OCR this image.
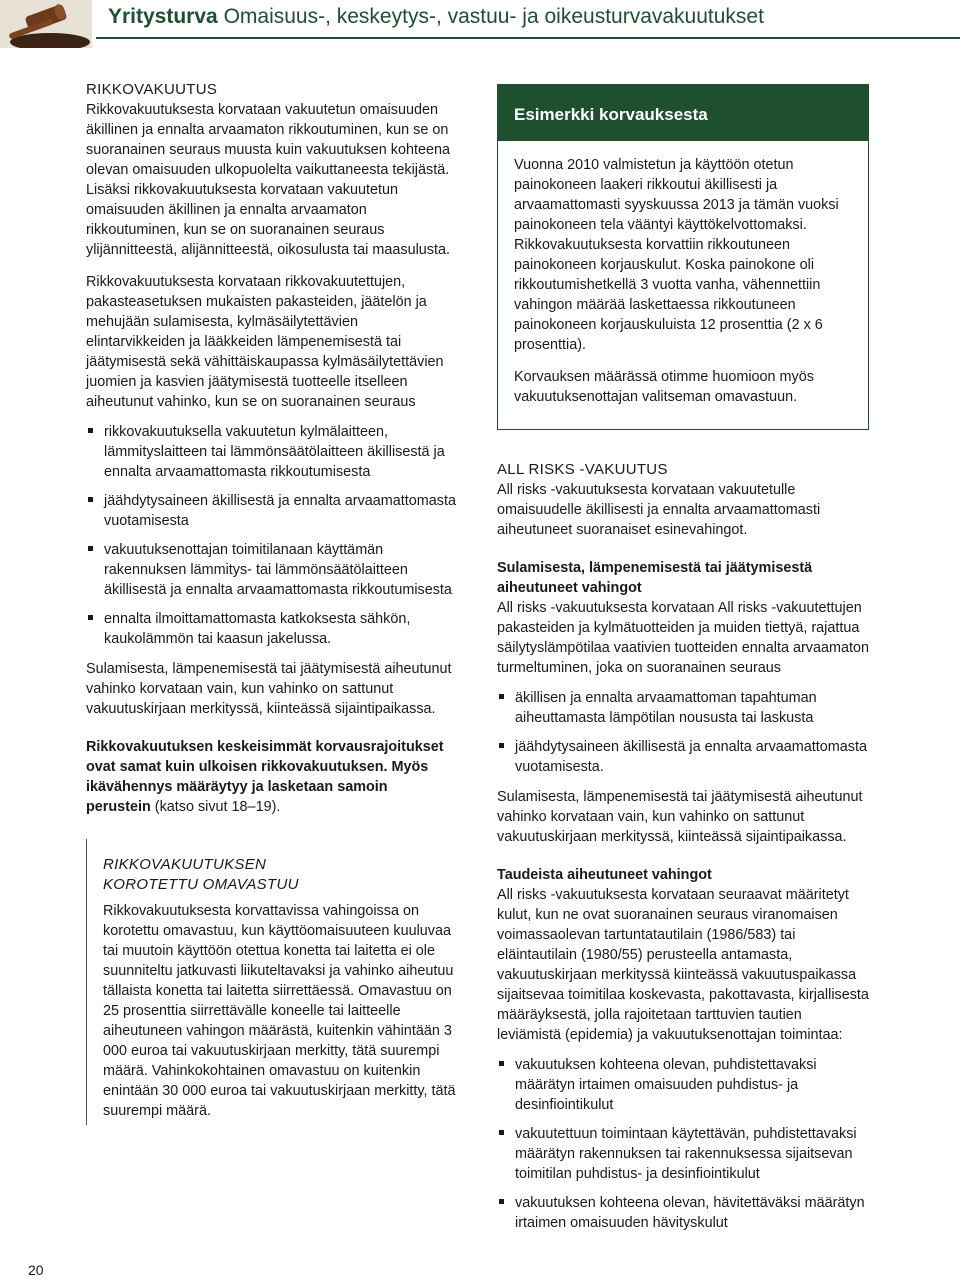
Yritysturva Omaisuus-, keskeytys-, vastuu- ja oikeusturvavakuutukset

RIKKOVAKUUTUS

Rikkovakuutuksesta korvataan vakuutetun omaisuuden äkillinen ja ennalta arvaamaton rikkoutuminen, kun se on suoranainen seuraus muusta kuin vakuutuksen kohteena olevan omaisuuden ulkopuolelta vaikuttaneesta tekijästä. Lisäksi rikkovakuutuksesta korvataan vakuutetun omaisuuden äkillinen ja ennalta arvaamaton rikkoutuminen, kun se on suoranainen seuraus ylijännitteestä, alijännitteestä, oikosulusta tai maasulusta.

Rikkovakuutuksesta korvataan rikkovakuutettujen, pakasteasetuksen mukaisten pakasteiden, jäätelön ja mehujään sulamisesta, kylmäsäilytettävien elintarvikkeiden ja lääkkeiden lämpenemisestä tai jäätymisestä sekä vähittäiskaupassa kylmäsäilytettävien juomien ja kasvien jäätymisestä tuotteelle itselleen aiheutunut vahinko, kun se on suoranainen seuraus

rikkovakuutuksella vakuutetun kylmälaitteen, lämmityslaitteen tai lämmönsäätölaitteen äkillisestä ja ennalta arvaamattomasta rikkoutumisesta
jäähdytysaineen äkillisestä ja ennalta arvaamattomasta vuotamisesta
vakuutuksenottajan toimitilanaan käyttämän rakennuksen lämmitys- tai lämmönsäätölaitteen äkillisestä ja ennalta arvaamattomasta rikkoutumisesta
ennalta ilmoittamattomasta katkoksesta sähkön, kaukolämmön tai kaasun jakelussa.

Sulamisesta, lämpenemisestä tai jäätymisestä aiheutunut vahinko korvataan vain, kun vahinko on sattunut vakuutuskirjaan merkityssä, kiinteässä sijaintipaikassa.

Rikkovakuutuksen keskeisimmät korvausrajoitukset ovat samat kuin ulkoisen rikkovakuutuksen. Myös ikävähennys määräytyy ja lasketaan samoin perustein (katso sivut 18–19).

RIKKOVAKUUTUKSEN

KOROTETTU OMAVASTUU

Rikkovakuutuksesta korvattavissa vahingoissa on korotettu omavastuu, kun käyttöomaisuuteen kuuluvaa tai muutoin käyttöön otettua konetta tai laitetta ei ole suunniteltu jatkuvasti liikuteltavaksi ja vahinko aiheutuu tällaista konetta tai laitetta siirrettäessä. Omavastuu on 25 prosenttia siirrettävälle koneelle tai laitteelle aiheutuneen vahingon määrästä, kuitenkin vähintään 3 000 euroa tai vakuutuskirjaan merkitty, tätä suurempi määrä. Vahinkokohtainen omavastuu on kuitenkin enintään 30 000 euroa tai vakuutuskirjaan merkitty, tätä suurempi määrä.

Esimerkki korvauksesta

Vuonna 2010 valmistetun ja käyttöön otetun painokoneen laakeri rikkoutui äkillisesti ja arvaamattomasti syyskuussa 2013 ja tämän vuoksi painokoneen tela vääntyi käyttökelvottomaksi. Rikkovakuutuksesta korvattiin rikkoutuneen painokoneen korjauskulut. Koska painokone oli rikkoutumishetkellä 3 vuotta vanha, vähennettiin vahingon määrää laskettaessa rikkoutuneen painokoneen korjauskuluista 12 prosenttia (2 x 6 prosenttia).

Korvauksen määrässä otimme huomioon myös vakuutuksenottajan valitseman omavastuun.

ALL RISKS -VAKUUTUS

All risks -vakuutuksesta korvataan vakuutetulle omaisuudelle äkillisesti ja ennalta arvaamattomasti aiheutuneet suoranaiset esinevahingot.

Sulamisesta, lämpenemisestä tai jäätymisestä aiheutuneet vahingot

All risks -vakuutuksesta korvataan All risks -vakuutettujen pakasteiden ja kylmätuotteiden ja muiden tiettyä, rajattua säilytyslämpötilaa vaativien tuotteiden ennalta arvaamaton turmeltuminen, joka on suoranainen seuraus

äkillisen ja ennalta arvaamattoman tapahtuman aiheuttamasta lämpötilan noususta tai laskusta
jäähdytysaineen äkillisestä ja ennalta arvaamattomasta vuotamisesta.

Sulamisesta, lämpenemisestä tai jäätymisestä aiheutunut vahinko korvataan vain, kun vahinko on sattunut vakuutuskirjaan merkityssä, kiinteässä sijaintipaikassa.

Taudeista aiheutuneet vahingot

All risks -vakuutuksesta korvataan seuraavat määritetyt kulut, kun ne ovat suoranainen seuraus viranomaisen voimassaolevan tartuntatautilain (1986/583) tai eläintautilain (1980/55) perusteella antamasta, vakuutuskirjaan merkityssä kiinteässä vakuutuspaikassa sijaitsevaa toimitilaa koskevasta, pakottavasta, kirjallisesta määräyksestä, jolla rajoitetaan tarttuvien tautien leviämistä (epidemia) ja vakuutuksenottajan toimintaa:

vakuutuksen kohteena olevan, puhdistettavaksi määrätyn irtaimen omaisuuden puhdistus- ja desinfiointikulut
vakuutettuun toimintaan käytettävän, puhdistettavaksi määrätyn rakennuksen tai rakennuksessa sijaitsevan toimitilan puhdistus- ja desinfiointikulut
vakuutuksen kohteena olevan, hävitettäväksi määrätyn irtaimen omaisuuden hävityskulut
20
